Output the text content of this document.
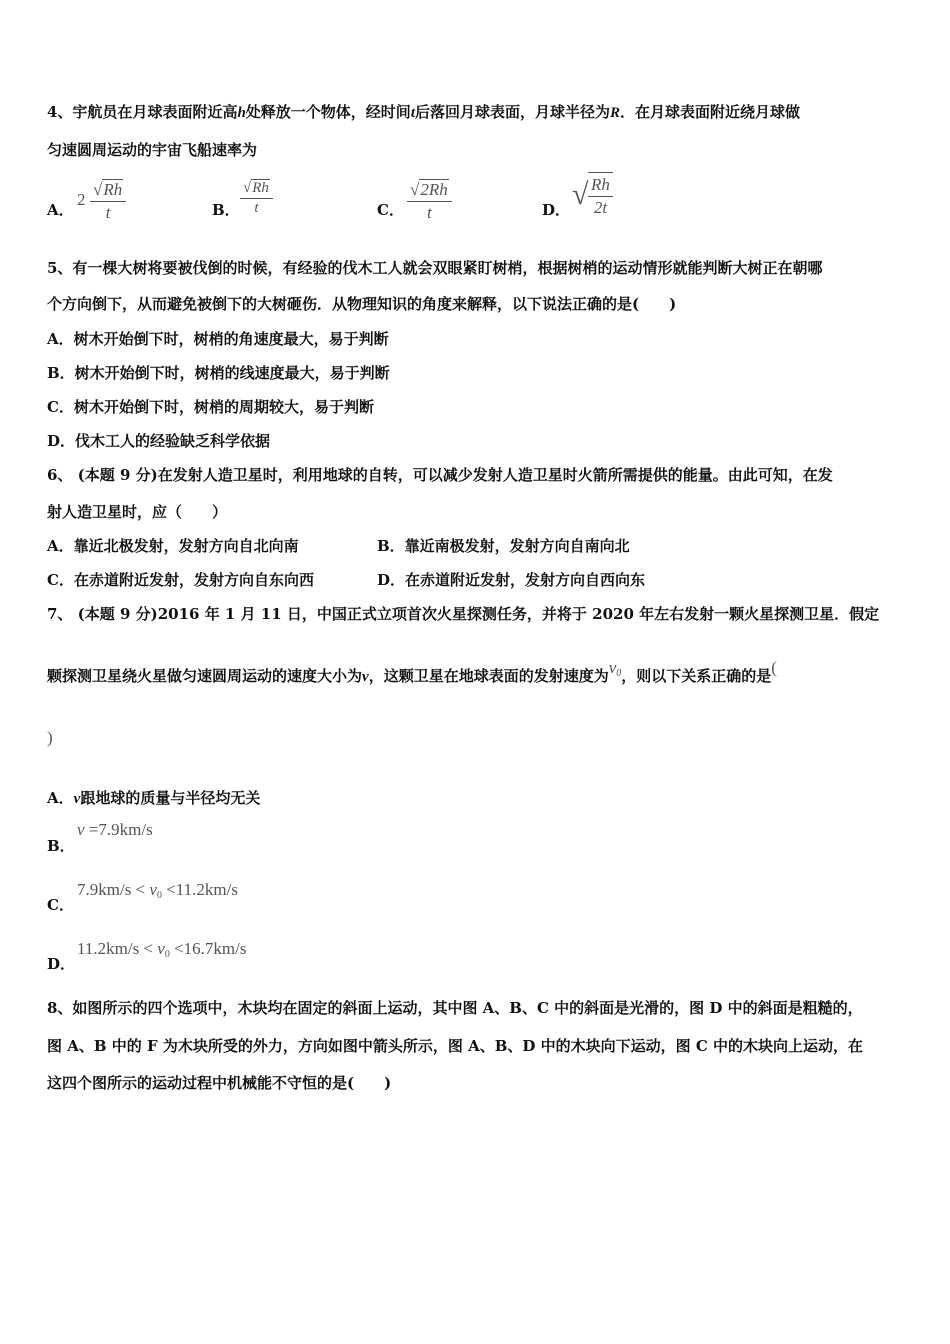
4、宇航员在月球表面附近高h处释放一个物体，经时间t后落回月球表面，月球半径为R．在月球表面附近绕月球做
匀速圆周运动的宇宙飞船速率为
A．
$2 \frac{√Rh}{t}$	B． $\frac{√Rh}{t}$	C． $\frac{√2Rh}{t}$	D． √ $\frac{Rh}{2t}$
5、有一棵大树将要被伐倒的时候，有经验的伐木工人就会双眼紧盯树梢，根据树梢的运动情形就能判断大树正在朝哪
个方向倒下，从而避免被倒下的大树砸伤．从物理知识的角度来解释，以下说法正确的是(　　)
A．树木开始倒下时，树梢的角速度最大，易于判断
B．树木开始倒下时，树梢的线速度最大，易于判断
C．树木开始倒下时，树梢的周期较大，易于判断
D．伐木工人的经验缺乏科学依据
6、 (本题 9 分)在发射人造卫星时，利用地球的自转，可以减少发射人造卫星时火箭所需提供的能量。由此可知，在发
射人造卫星时，应（　　）
A．靠近北极发射，发射方向自北向南	B．靠近南极发射，发射方向自南向北
C．在赤道附近发射，发射方向自东向西	D．在赤道附近发射，发射方向自西向东
7、 (本题 9 分)2016 年 1 月 11 日，中国正式立项首次火星探测任务，并将于 2020 年左右发射一颗火星探测卫星．假定
颗探测卫星绕火星做匀速圆周运动的速度大小为v，这颗卫星在地球表面的发射速度为$v_0$，则以下关系正确的是(
)
A．v跟地球的质量与半径均无关
B．
v =7.9km/s
C．
$7.9km/s < v_0 <11.2km/s$
D．
$11.2km/s < v_0 <16.7km/s$
8、如图所示的四个选项中，木块均在固定的斜面上运动，其中图 A、B、C 中的斜面是光滑的，图 D 中的斜面是粗糙的，
图 A、B 中的 F 为木块所受的外力，方向如图中箭头所示，图 A、B、D 中的木块向下运动，图 C 中的木块向上运动，在
这四个图所示的运动过程中机械能不守恒的是(　　)
